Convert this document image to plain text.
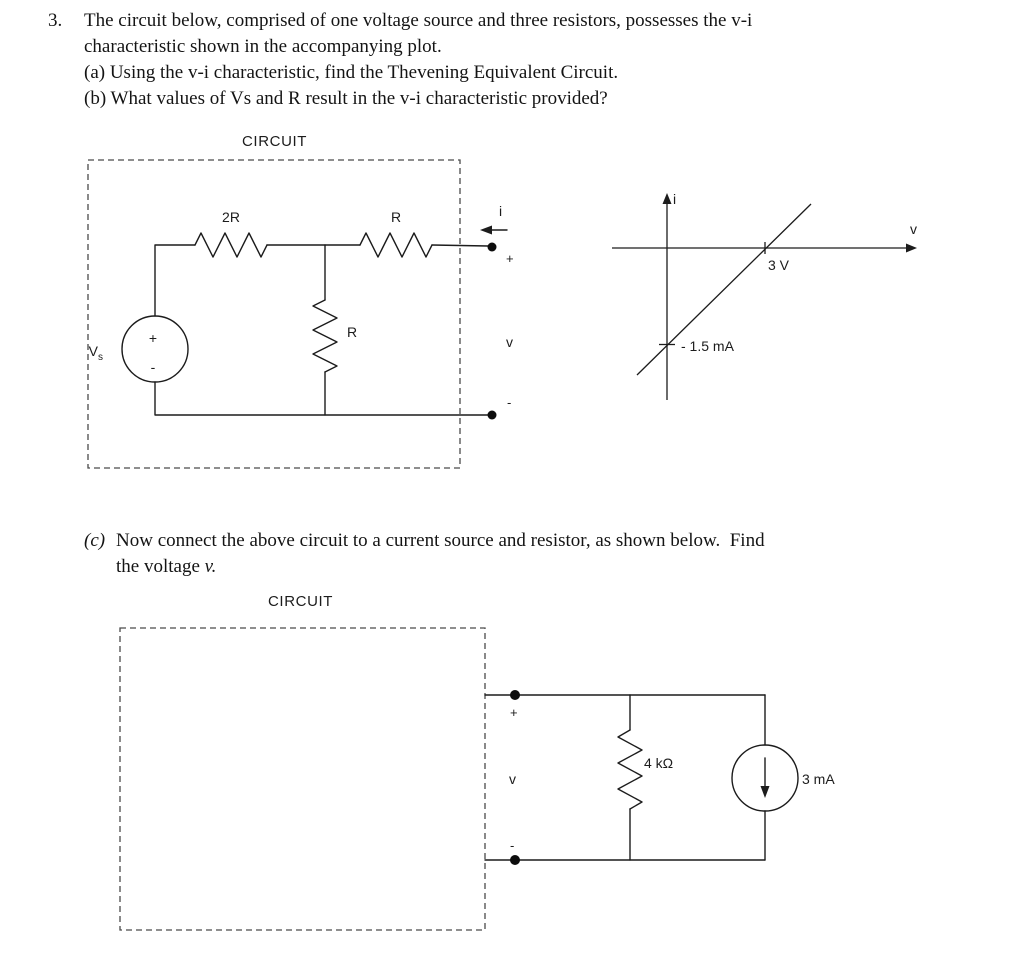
3. The circuit below, comprised of one voltage source and three resistors, possesses the v-i
characteristic shown in the accompanying plot.
(a) Using the v-i characteristic, find the Thevening Equivalent Circuit.
(b) What values of Vs and R result in the v-i characteristic provided?
(c) Now connect the above circuit to a current source and resistor, as shown below.  Find
the voltage v.
CIRCUIT
+
-
$V_s$
2R	R
R
i
+
v
-
i
v
3 V
- 1.5 mA
CIRCUIT
4 kΩ
3 mA
+
v
-
